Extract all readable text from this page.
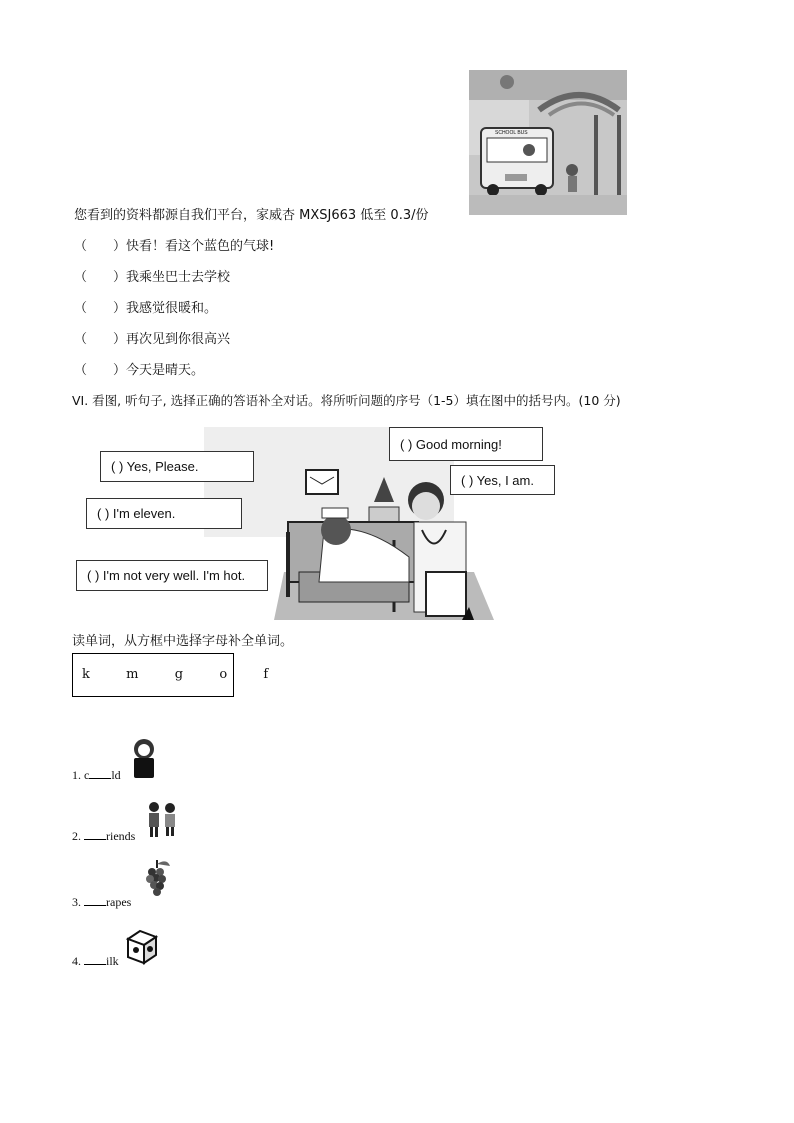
SCHOOL BUS
您看到的资料都源自我们平台，家威杏 MXSJ663 低至 0.3/份
（　　）快看！看这个蓝色的气球!
（　　）我乘坐巴士去学校
（　　）我感觉很暖和。
（　　）再次见到你很高兴
（　　）今天是晴天。
VI. 看图, 听句子, 选择正确的答语补全对话。将所听问题的序号（1-5）填在图中的括号内。(10 分)
( ) Good morning!
( ) Yes, I am.
( ) Yes, Please.
( ) I'm eleven.
( ) I'm not very well. I'm hot.
读单词，从方框中选择字母补全单词。
k  m  g  o  f
1. c ld
2. riends
3. rapes
4. ilk
